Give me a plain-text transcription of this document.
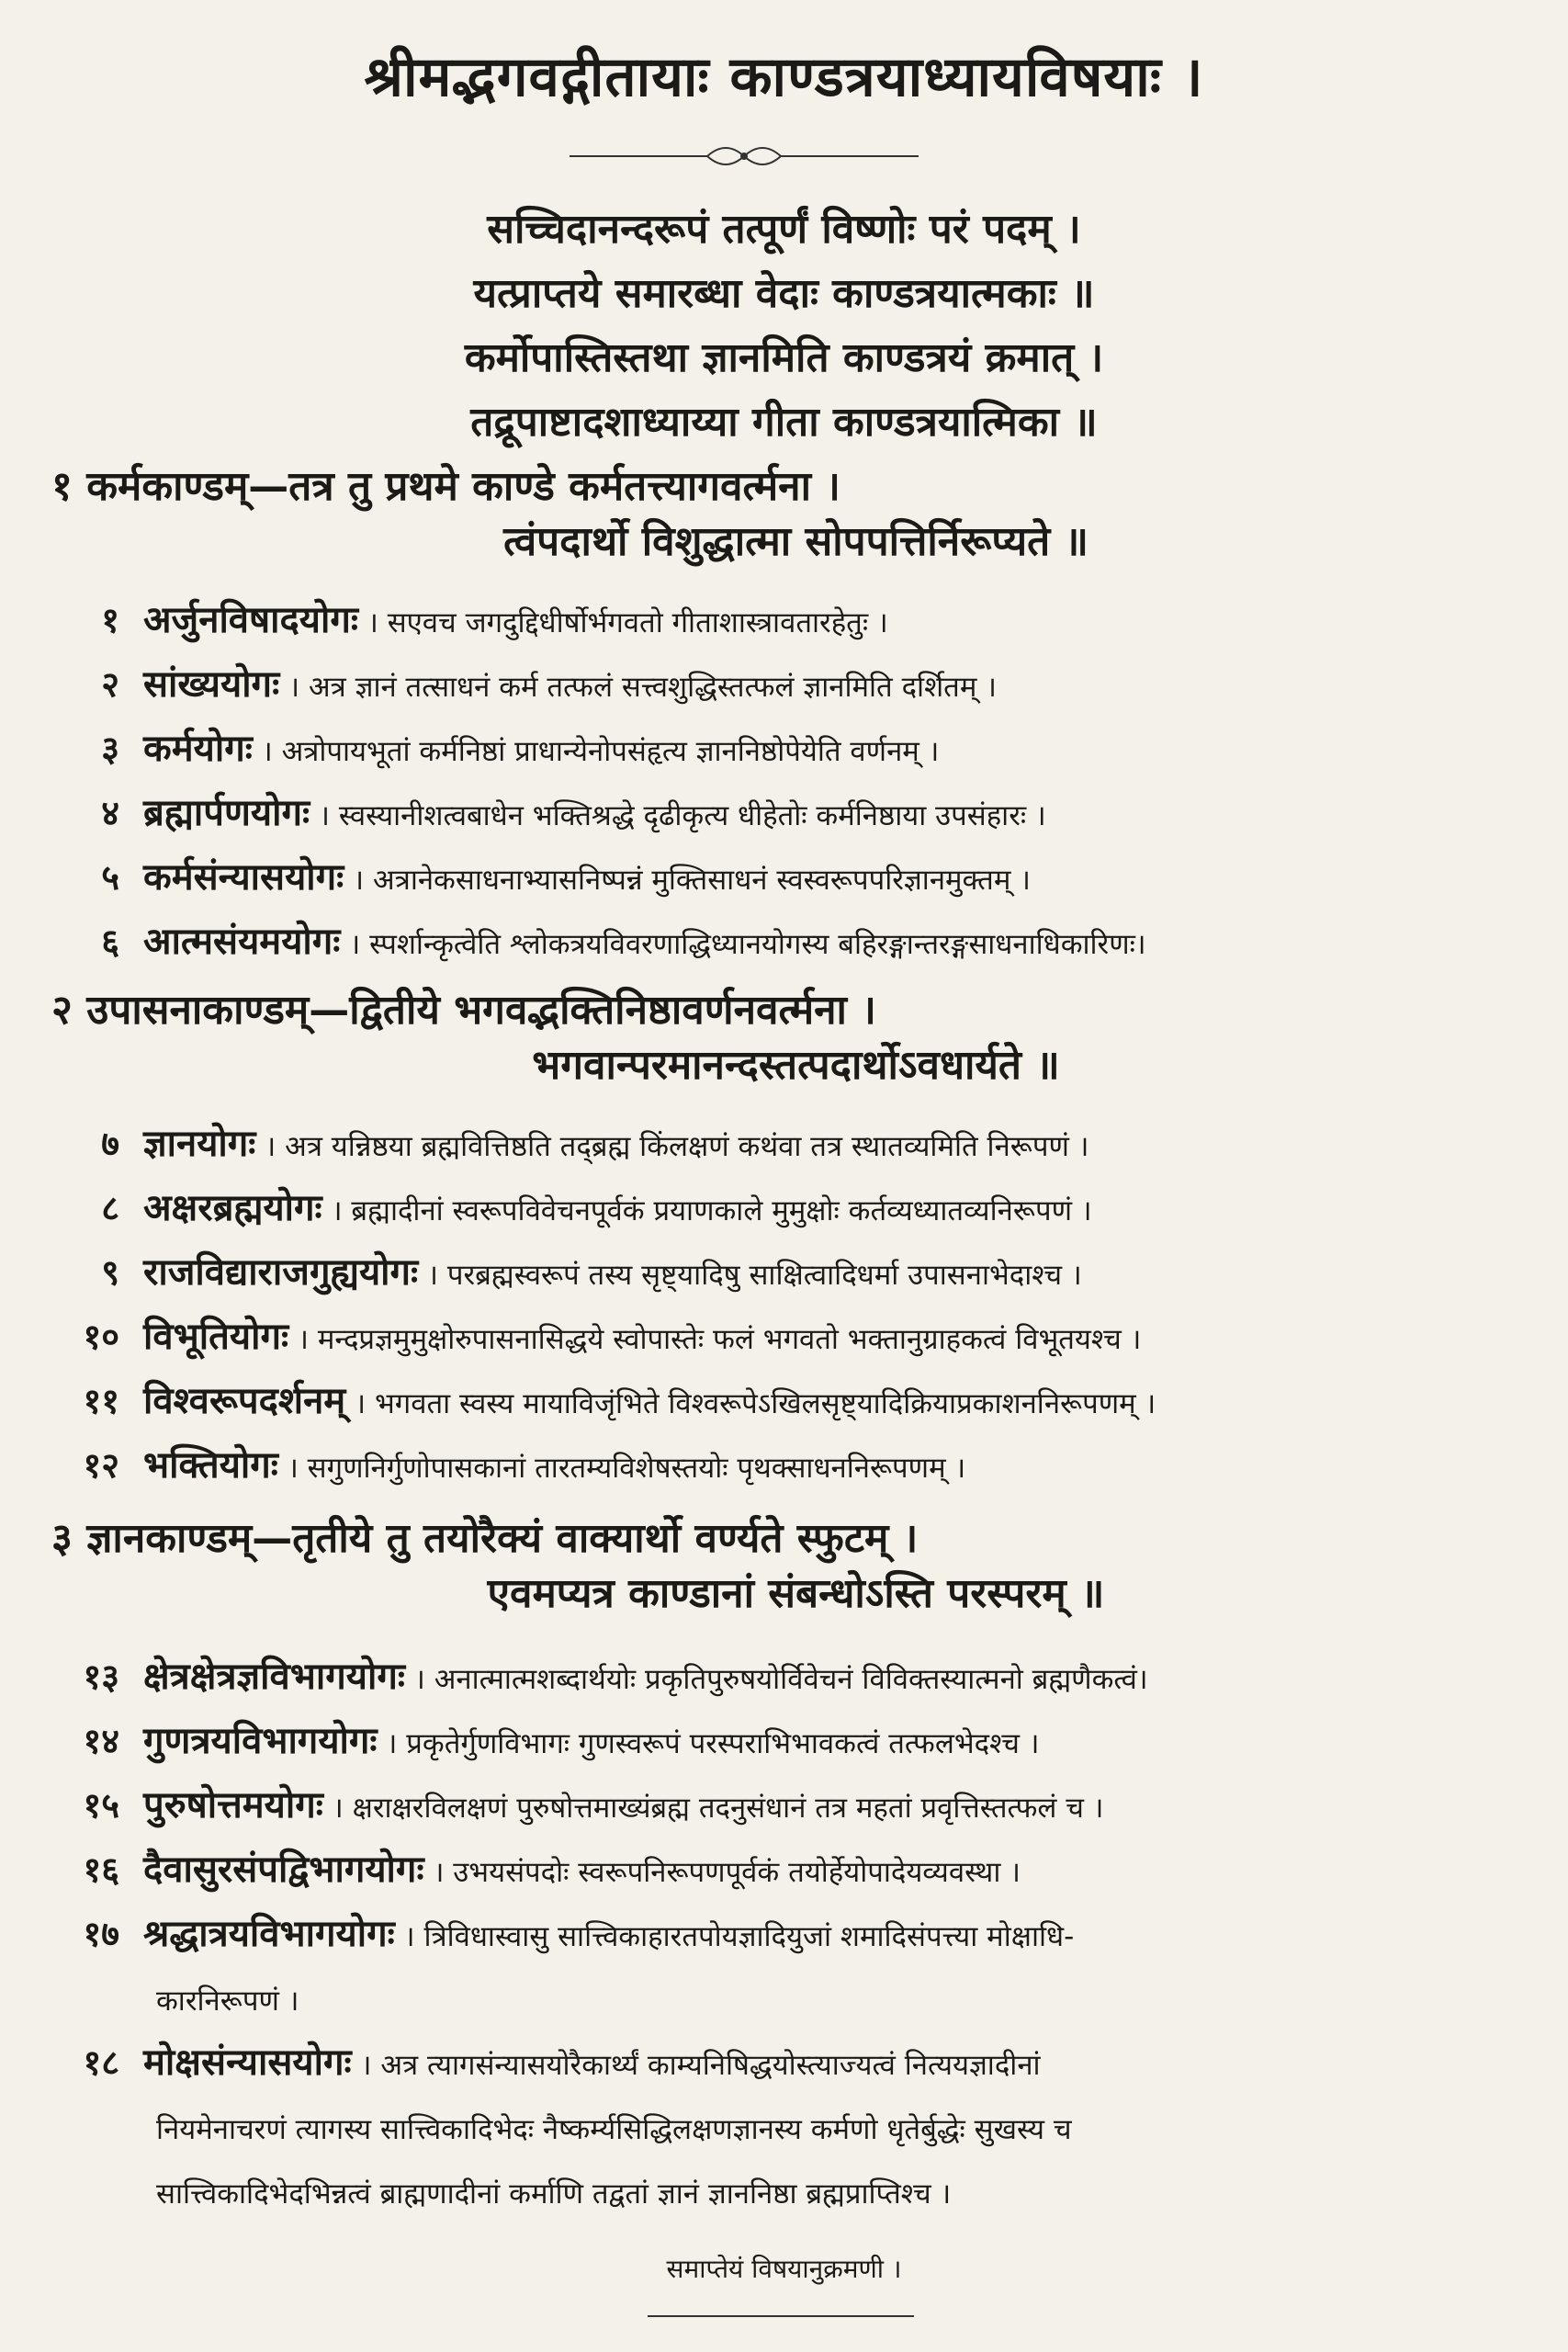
श्रीमद्भगवद्गीतायाः काण्डत्रयाध्यायविषयाः ।
सच्चिदानन्दरूपं तत्पूर्णं विष्णोः परं पदम् ।
यत्प्राप्तये समारब्धा वेदाः काण्डत्रयात्मकाः ॥
कर्मोपास्तिस्तथा ज्ञानमिति काण्डत्रयं क्रमात् ।
तद्रूपाष्टादशाध्याय्या गीता काण्डत्रयात्मिका ॥
१ कर्मकाण्डम्—तत्र तु प्रथमे काण्डे कर्मतत्त्यागवर्त्मना ।
त्वंपदार्थो विशुद्धात्मा सोपपत्तिर्निरूप्यते ॥
१ अर्जुनविषादयोगः । सएवच जगदुद्दिधीर्षोर्भगवतो गीताशास्त्रावतारहेतुः ।
२ सांख्ययोगः । अत्र ज्ञानं तत्साधनं कर्म तत्फलं सत्त्वशुद्धिस्तत्फलं ज्ञानमिति दर्शितम् ।
३ कर्मयोगः । अत्रोपायभूतां कर्मनिष्ठां प्राधान्येनोपसंहृत्य ज्ञाननिष्ठोपेयेति वर्णनम् ।
४ ब्रह्मार्पणयोगः । स्वस्यानीशत्वबाधेन भक्तिश्रद्धे दृढीकृत्य धीहेतोः कर्मनिष्ठाया उपसंहारः ।
५ कर्मसंन्यासयोगः । अत्रानेकसाधनाभ्यासनिष्पन्नं मुक्तिसाधनं स्वस्वरूपपरिज्ञानमुक्तम् ।
६ आत्मसंयमयोगः । स्पर्शान्कृत्वेति श्लोकत्रयविवरणाद्धिध्यानयोगस्य बहिरङ्गान्तरङ्गसाधनाधिकारिणः।
२ उपासनाकाण्डम्—द्वितीये भगवद्भक्तिनिष्ठावर्णनवर्त्मना ।
भगवान्परमानन्दस्तत्पदार्थोऽवधार्यते ॥
७ ज्ञानयोगः । अत्र यन्निष्ठया ब्रह्मवित्तिष्ठति तद्ब्रह्म किंलक्षणं कथंवा तत्र स्थातव्यमिति निरूपणं ।
८ अक्षरब्रह्मयोगः । ब्रह्मादीनां स्वरूपविवेचनपूर्वकं प्रयाणकाले मुमुक्षोः कर्तव्यध्यातव्यनिरूपणं ।
९ राजविद्याराजगुह्ययोगः । परब्रह्मस्वरूपं तस्य सृष्ट्यादिषु साक्षित्वादिधर्मा उपासनाभेदाश्च ।
१० विभूतियोगः । मन्दप्रज्ञमुमुक्षोरुपासनासिद्धये स्वोपास्तेः फलं भगवतो भक्तानुग्राहकत्वं विभूतयश्च ।
११ विश्वरूपदर्शनम् । भगवता स्वस्य मायाविजृंभिते विश्वरूपेऽखिलसृष्ट्यादिक्रियाप्रकाशननिरूपणम् ।
१२ भक्तियोगः । सगुणनिर्गुणोपासकानां तारतम्यविशेषस्तयोः पृथक्साधननिरूपणम् ।
३ ज्ञानकाण्डम्—तृतीये तु तयोरैक्यं वाक्यार्थो वर्ण्यते स्फुटम् ।
एवमप्यत्र काण्डानां संबन्धोऽस्ति परस्परम् ॥
१३ क्षेत्रक्षेत्रज्ञविभागयोगः । अनात्मात्मशब्दार्थयोः प्रकृतिपुरुषयोर्विवेचनं विविक्तस्यात्मनो ब्रह्मणैकत्वं।
१४ गुणत्रयविभागयोगः । प्रकृतेर्गुणविभागः गुणस्वरूपं परस्पराभिभावकत्वं तत्फलभेदश्च ।
१५ पुरुषोत्तमयोगः । क्षराक्षरविलक्षणं पुरुषोत्तमाख्यंब्रह्म तदनुसंधानं तत्र महतां प्रवृत्तिस्तत्फलं च ।
१६ दैवासुरसंपद्विभागयोगः । उभयसंपदोः स्वरूपनिरूपणपूर्वकं तयोर्हेयोपादेयव्यवस्था ।
१७ श्रद्धात्रयविभागयोगः । त्रिविधास्वासु सात्त्विकाहारतपोयज्ञादियुजां शमादिसंपत्त्या मोक्षाधि-
कारनिरूपणं ।
१८ मोक्षसंन्यासयोगः । अत्र त्यागसंन्यासयोरैकार्थ्यं काम्यनिषिद्धयोस्त्याज्यत्वं नित्ययज्ञादीनां
नियमेनाचरणं त्यागस्य सात्त्विकादिभेदः नैष्कर्म्यसिद्धिलक्षणज्ञानस्य कर्मणो धृतेर्बुद्धेः सुखस्य च
सात्त्विकादिभेदभिन्नत्वं ब्राह्मणादीनां कर्माणि तद्वतां ज्ञानं ज्ञाननिष्ठा ब्रह्मप्राप्तिश्च ।
समाप्तेयं विषयानुक्रमणी ।
